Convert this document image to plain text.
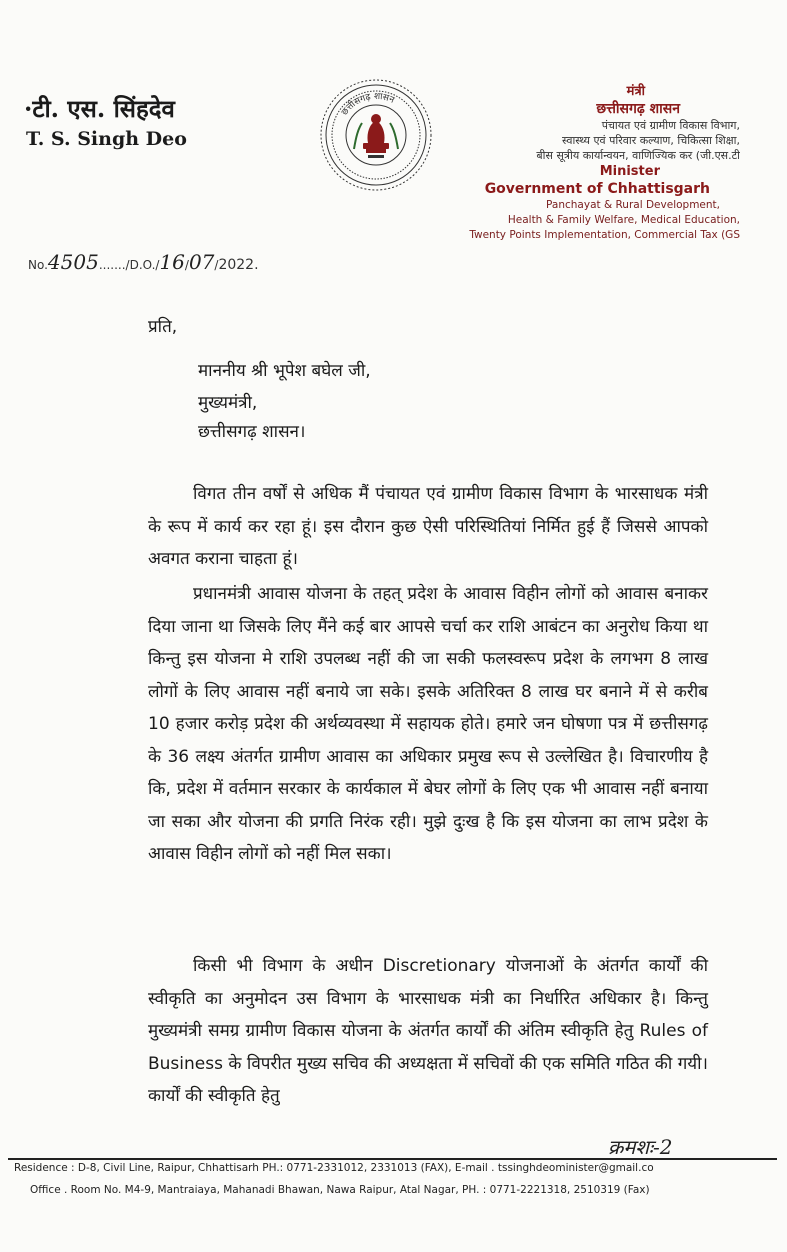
·टी. एस. सिंहदेव
T. S. Singh Deo
छत्तीसगढ़ शासन
मंत्री
छत्तीसगढ़ शासन
पंचायत एवं ग्रामीण विकास विभाग,
स्वास्थ्य एवं परिवार कल्याण, चिकित्सा शिक्षा,
बीस सूत्रीय कार्यान्वयन, वाणिज्यिक कर (जी.एस.टी
Minister
Government of Chhattisgarh
Panchayat & Rural Development,
Health & Family Welfare, Medical Education,
Twenty Points Implementation, Commercial Tax (GS
No.4505......./D.O./16/07/2022.
प्रति,
माननीय श्री भूपेश बघेल जी,
मुख्यमंत्री,
छत्तीसगढ़ शासन।
विगत तीन वर्षों से अधिक मैं पंचायत एवं ग्रामीण विकास विभाग के भारसाधक मंत्री के रूप में कार्य कर रहा हूं। इस दौरान कुछ ऐसी परिस्थितियां निर्मित हुई हैं जिससे आपको अवगत कराना चाहता हूं।
प्रधानमंत्री आवास योजना के तहत् प्रदेश के आवास विहीन लोगों को आवास बनाकर दिया जाना था जिसके लिए मैंने कई बार आपसे चर्चा कर राशि आबंटन का अनुरोध किया था किन्तु इस योजना मे राशि उपलब्ध नहीं की जा सकी फलस्वरूप प्रदेश के लगभग 8 लाख लोगों के लिए आवास नहीं बनाये जा सके। इसके अतिरिक्त 8 लाख घर बनाने में से करीब 10 हजार करोड़ प्रदेश की अर्थव्यवस्था में सहायक होते। हमारे जन घोषणा पत्र में छत्तीसगढ़ के 36 लक्ष्य अंतर्गत ग्रामीण आवास का अधिकार प्रमुख रूप से उल्लेखित है। विचारणीय है कि, प्रदेश में वर्तमान सरकार के कार्यकाल में बेघर लोगों के लिए एक भी आवास नहीं बनाया जा सका और योजना की प्रगति निरंक रही। मुझे दुःख है कि इस योजना का लाभ प्रदेश के आवास विहीन लोगों को नहीं मिल सका।
किसी भी विभाग के अधीन Discretionary योजनाओं के अंतर्गत कार्यों की स्वीकृति का अनुमोदन उस विभाग के भारसाधक मंत्री का निर्धारित अधिकार है। किन्तु मुख्यमंत्री समग्र ग्रामीण विकास योजना के अंतर्गत कार्यों की अंतिम स्वीकृति हेतु Rules of Business के विपरीत मुख्य सचिव की अध्यक्षता में सचिवों की एक समिति गठित की गयी। कार्यों की स्वीकृति हेतु
क्रमशः-2
Residence : D-8, Civil Line, Raipur, Chhattisarh PH.: 0771-2331012, 2331013 (FAX), E-mail . tssinghdeominister@gmail.co
Office . Room No. M4-9, Mantraiaya, Mahanadi Bhawan, Nawa Raipur, Atal Nagar, PH. : 0771-2221318, 2510319 (Fax)
